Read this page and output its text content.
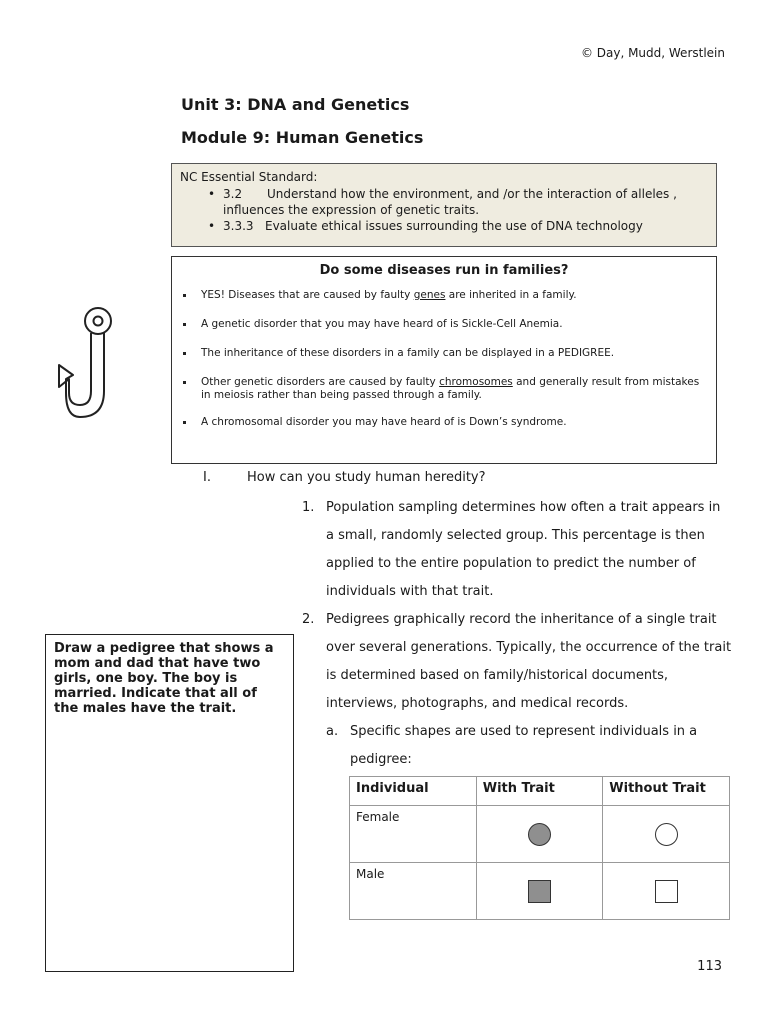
© Day, Mudd, Werstlein
Unit 3: DNA and Genetics
Module 9: Human Genetics
NC Essential Standard:
• 3.2 Understand how the environment, and /or the interaction of alleles , influences the expression of genetic traits.
• 3.3.3 Evaluate ethical issues surrounding the use of DNA technology
Do some diseases run in families?
YES! Diseases that are caused by faulty genes are inherited in a family.
A genetic disorder that you may have heard of is Sickle-Cell Anemia.
The inheritance of these disorders in a family can be displayed in a PEDIGREE.
Other genetic disorders are caused by faulty chromosomes and generally result from mistakes in meiosis rather than being passed through a family.
A chromosomal disorder you may have heard of is Down’s syndrome.
I.	How can you study human heredity?
1. Population sampling determines how often a trait appears in a small, randomly selected group. This percentage is then applied to the entire population to predict the number of individuals with that trait.
2. Pedigrees graphically record the inheritance of a single trait over several generations. Typically, the occurrence of the trait is determined based on family/historical documents, interviews, photographs, and medical records.
a. Specific shapes are used to represent individuals in a pedigree:
Draw a pedigree that shows a mom and dad that have two girls, one boy. The boy is married. Indicate that all of the males have the trait.
Individual	With Trait	Without Trait
Female		
Male		
113
